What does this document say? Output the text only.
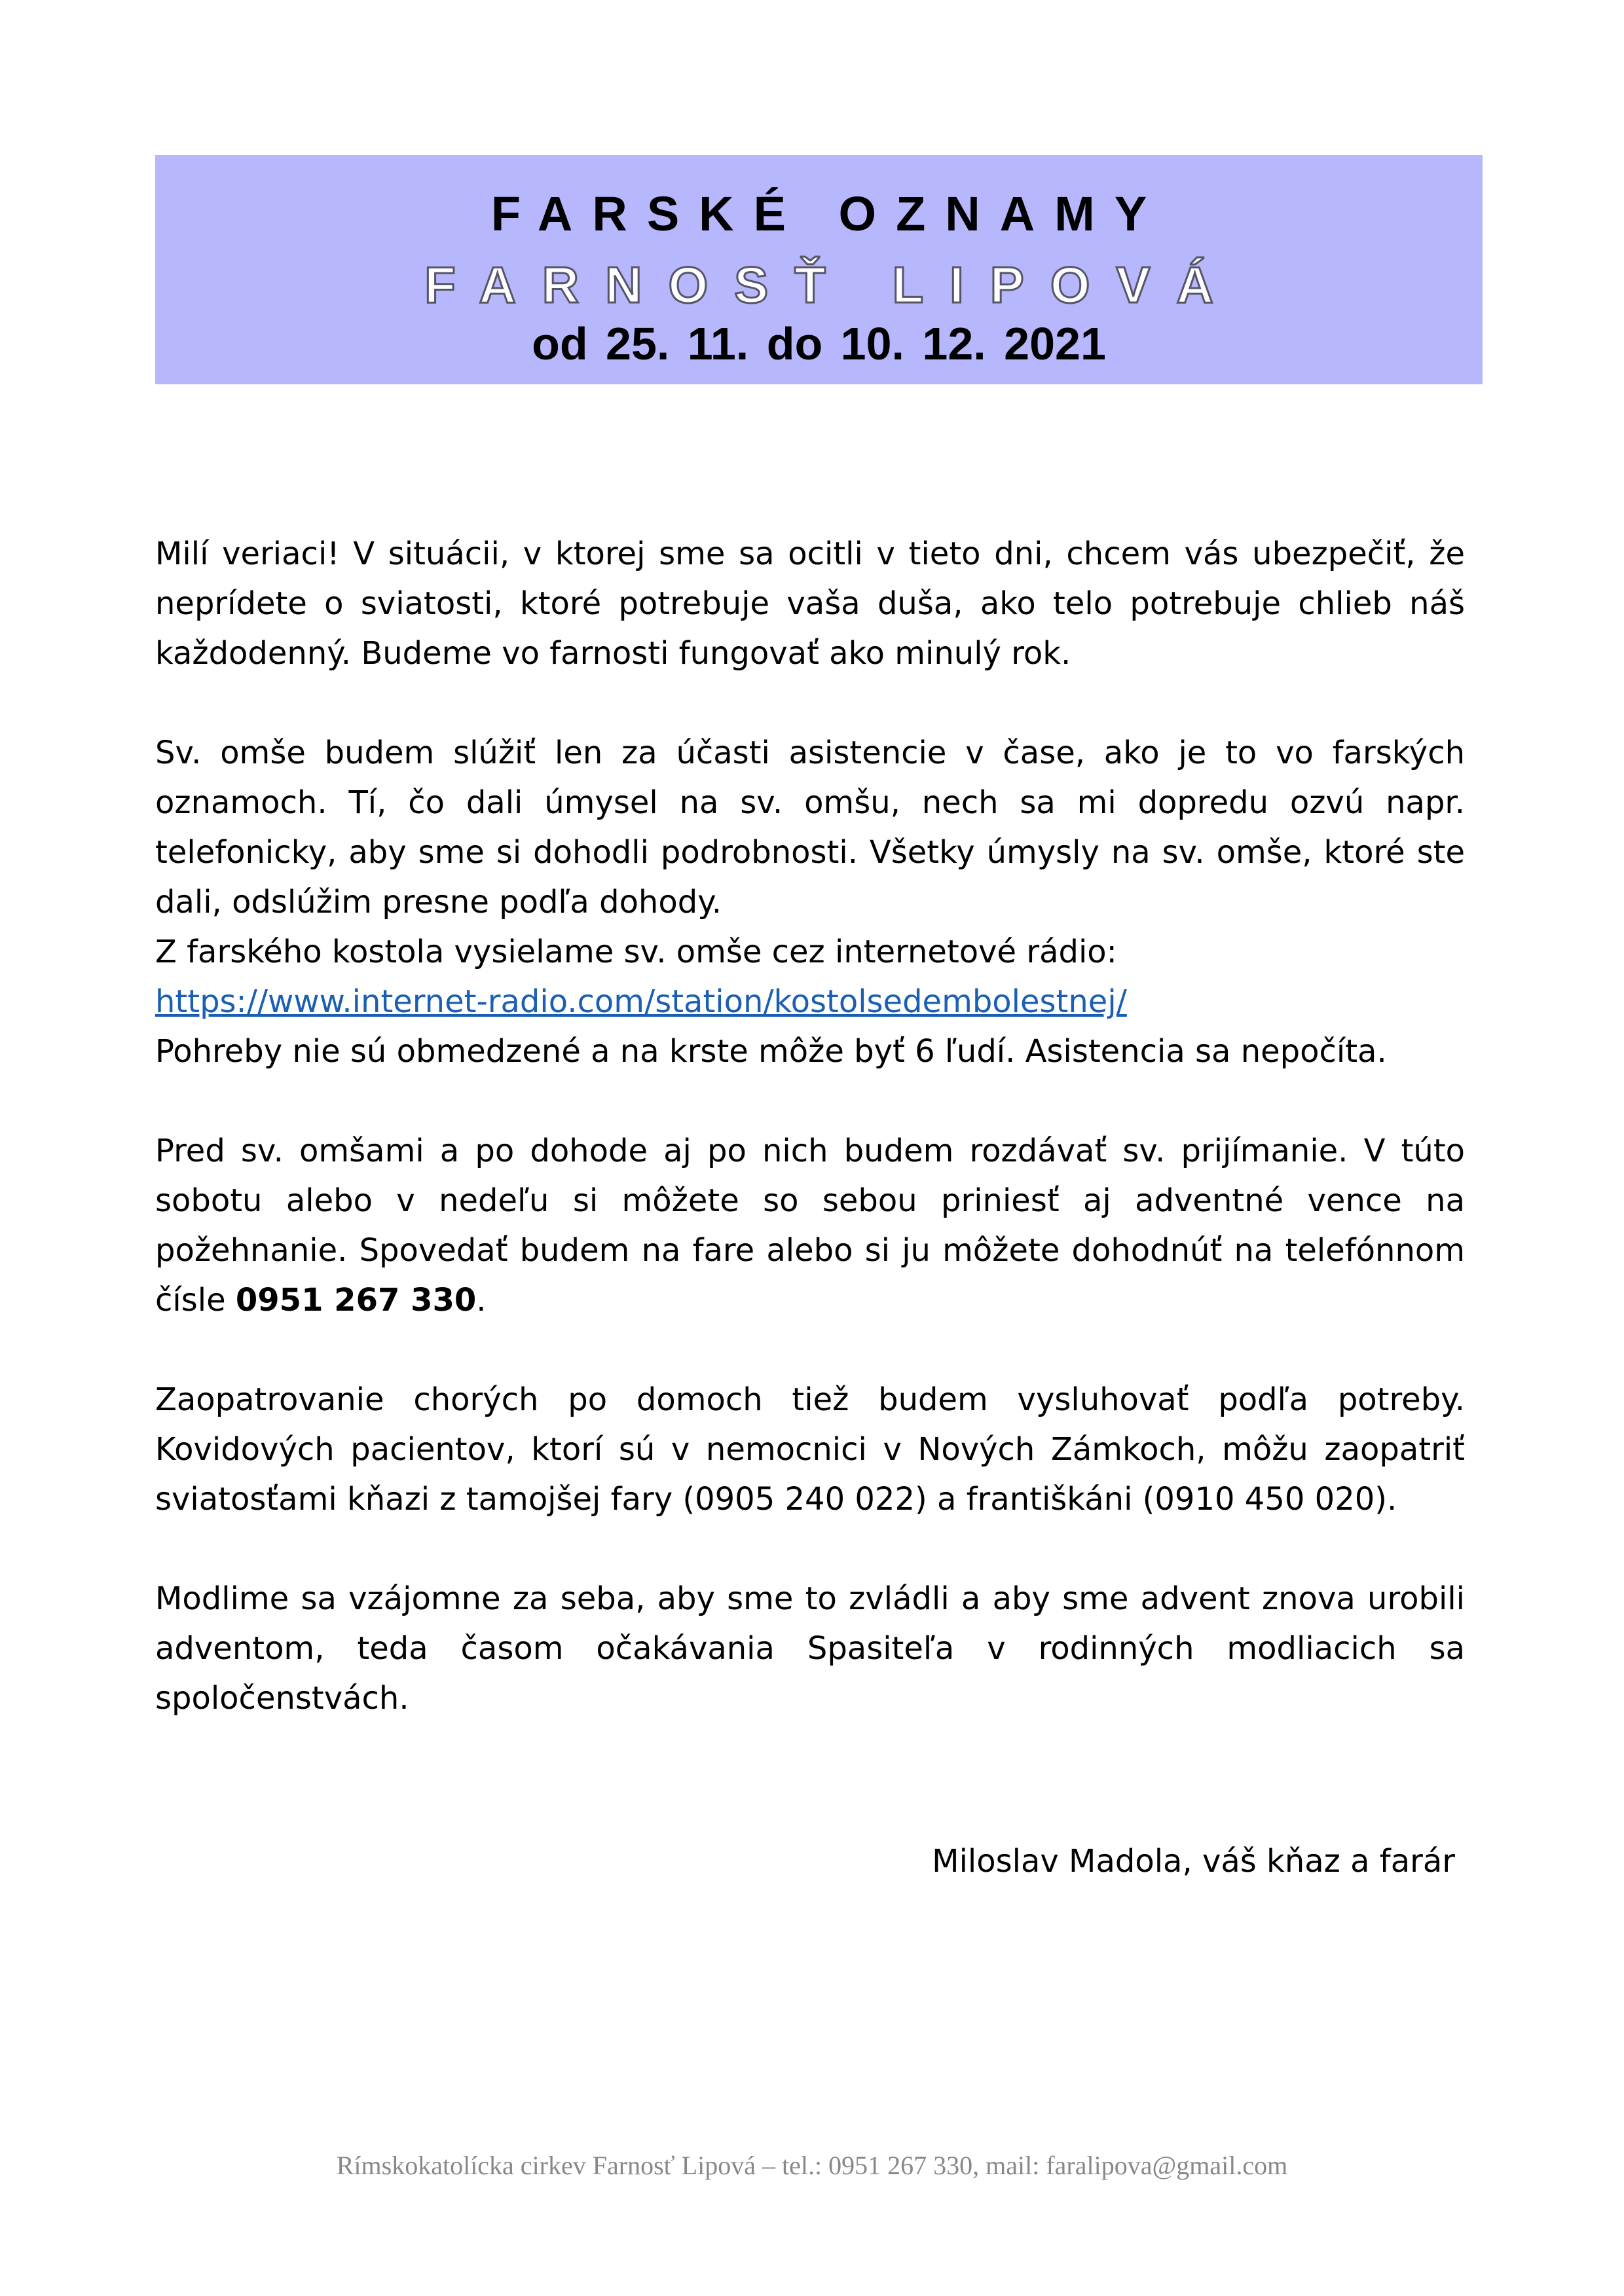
FARSKÉ OZNAMY
FARNOSŤ LIPOVÁ
od 25. 11. do 10. 12. 2021

Milí veriaci! V situácii, v ktorej sme sa ocitli v tieto dni, chcem vás ubezpečiť, že neprídete o sviatosti, ktoré potrebuje vaša duša, ako telo potrebuje chlieb náš každodenný. Budeme vo farnosti fungovať ako minulý rok.

Sv. omše budem slúžiť len za účasti asistencie v čase, ako je to vo farských oznamoch. Tí, čo dali úmysel na sv. omšu, nech sa mi dopredu ozvú napr. telefonicky, aby sme si dohodli podrobnosti. Všetky úmysly na sv. omše, ktoré ste dali, odslúžim presne podľa dohody.

Z farského kostola vysielame sv. omše cez internetové rádio:

https://www.internet-radio.com/station/kostolsedembolestnej/

Pohreby nie sú obmedzené a na krste môže byť 6 ľudí. Asistencia sa nepočíta.

Pred sv. omšami a po dohode aj po nich budem rozdávať sv. prijímanie. V túto sobotu alebo v nedeľu si môžete so sebou priniesť aj adventné vence na požehnanie. Spovedať budem na fare alebo si ju môžete dohodnúť na telefónnom čísle 0951 267 330.

Zaopatrovanie chorých po domoch tiež budem vysluhovať podľa potreby. Kovidových pacientov, ktorí sú v nemocnici v Nových Zámkoch, môžu zaopatriť sviatosťami kňazi z tamojšej fary (0905 240 022) a františkáni (0910 450 020).

Modlime sa vzájomne za seba, aby sme to zvládli a aby sme advent znova urobili adventom, teda časom očakávania Spasiteľa v rodinných modliacich sa spoločenstvách.

Miloslav Madola, váš kňaz a farár
Rímskokatolícka cirkev Farnosť Lipová – tel.: 0951 267 330, mail: faralipova@gmail.com
